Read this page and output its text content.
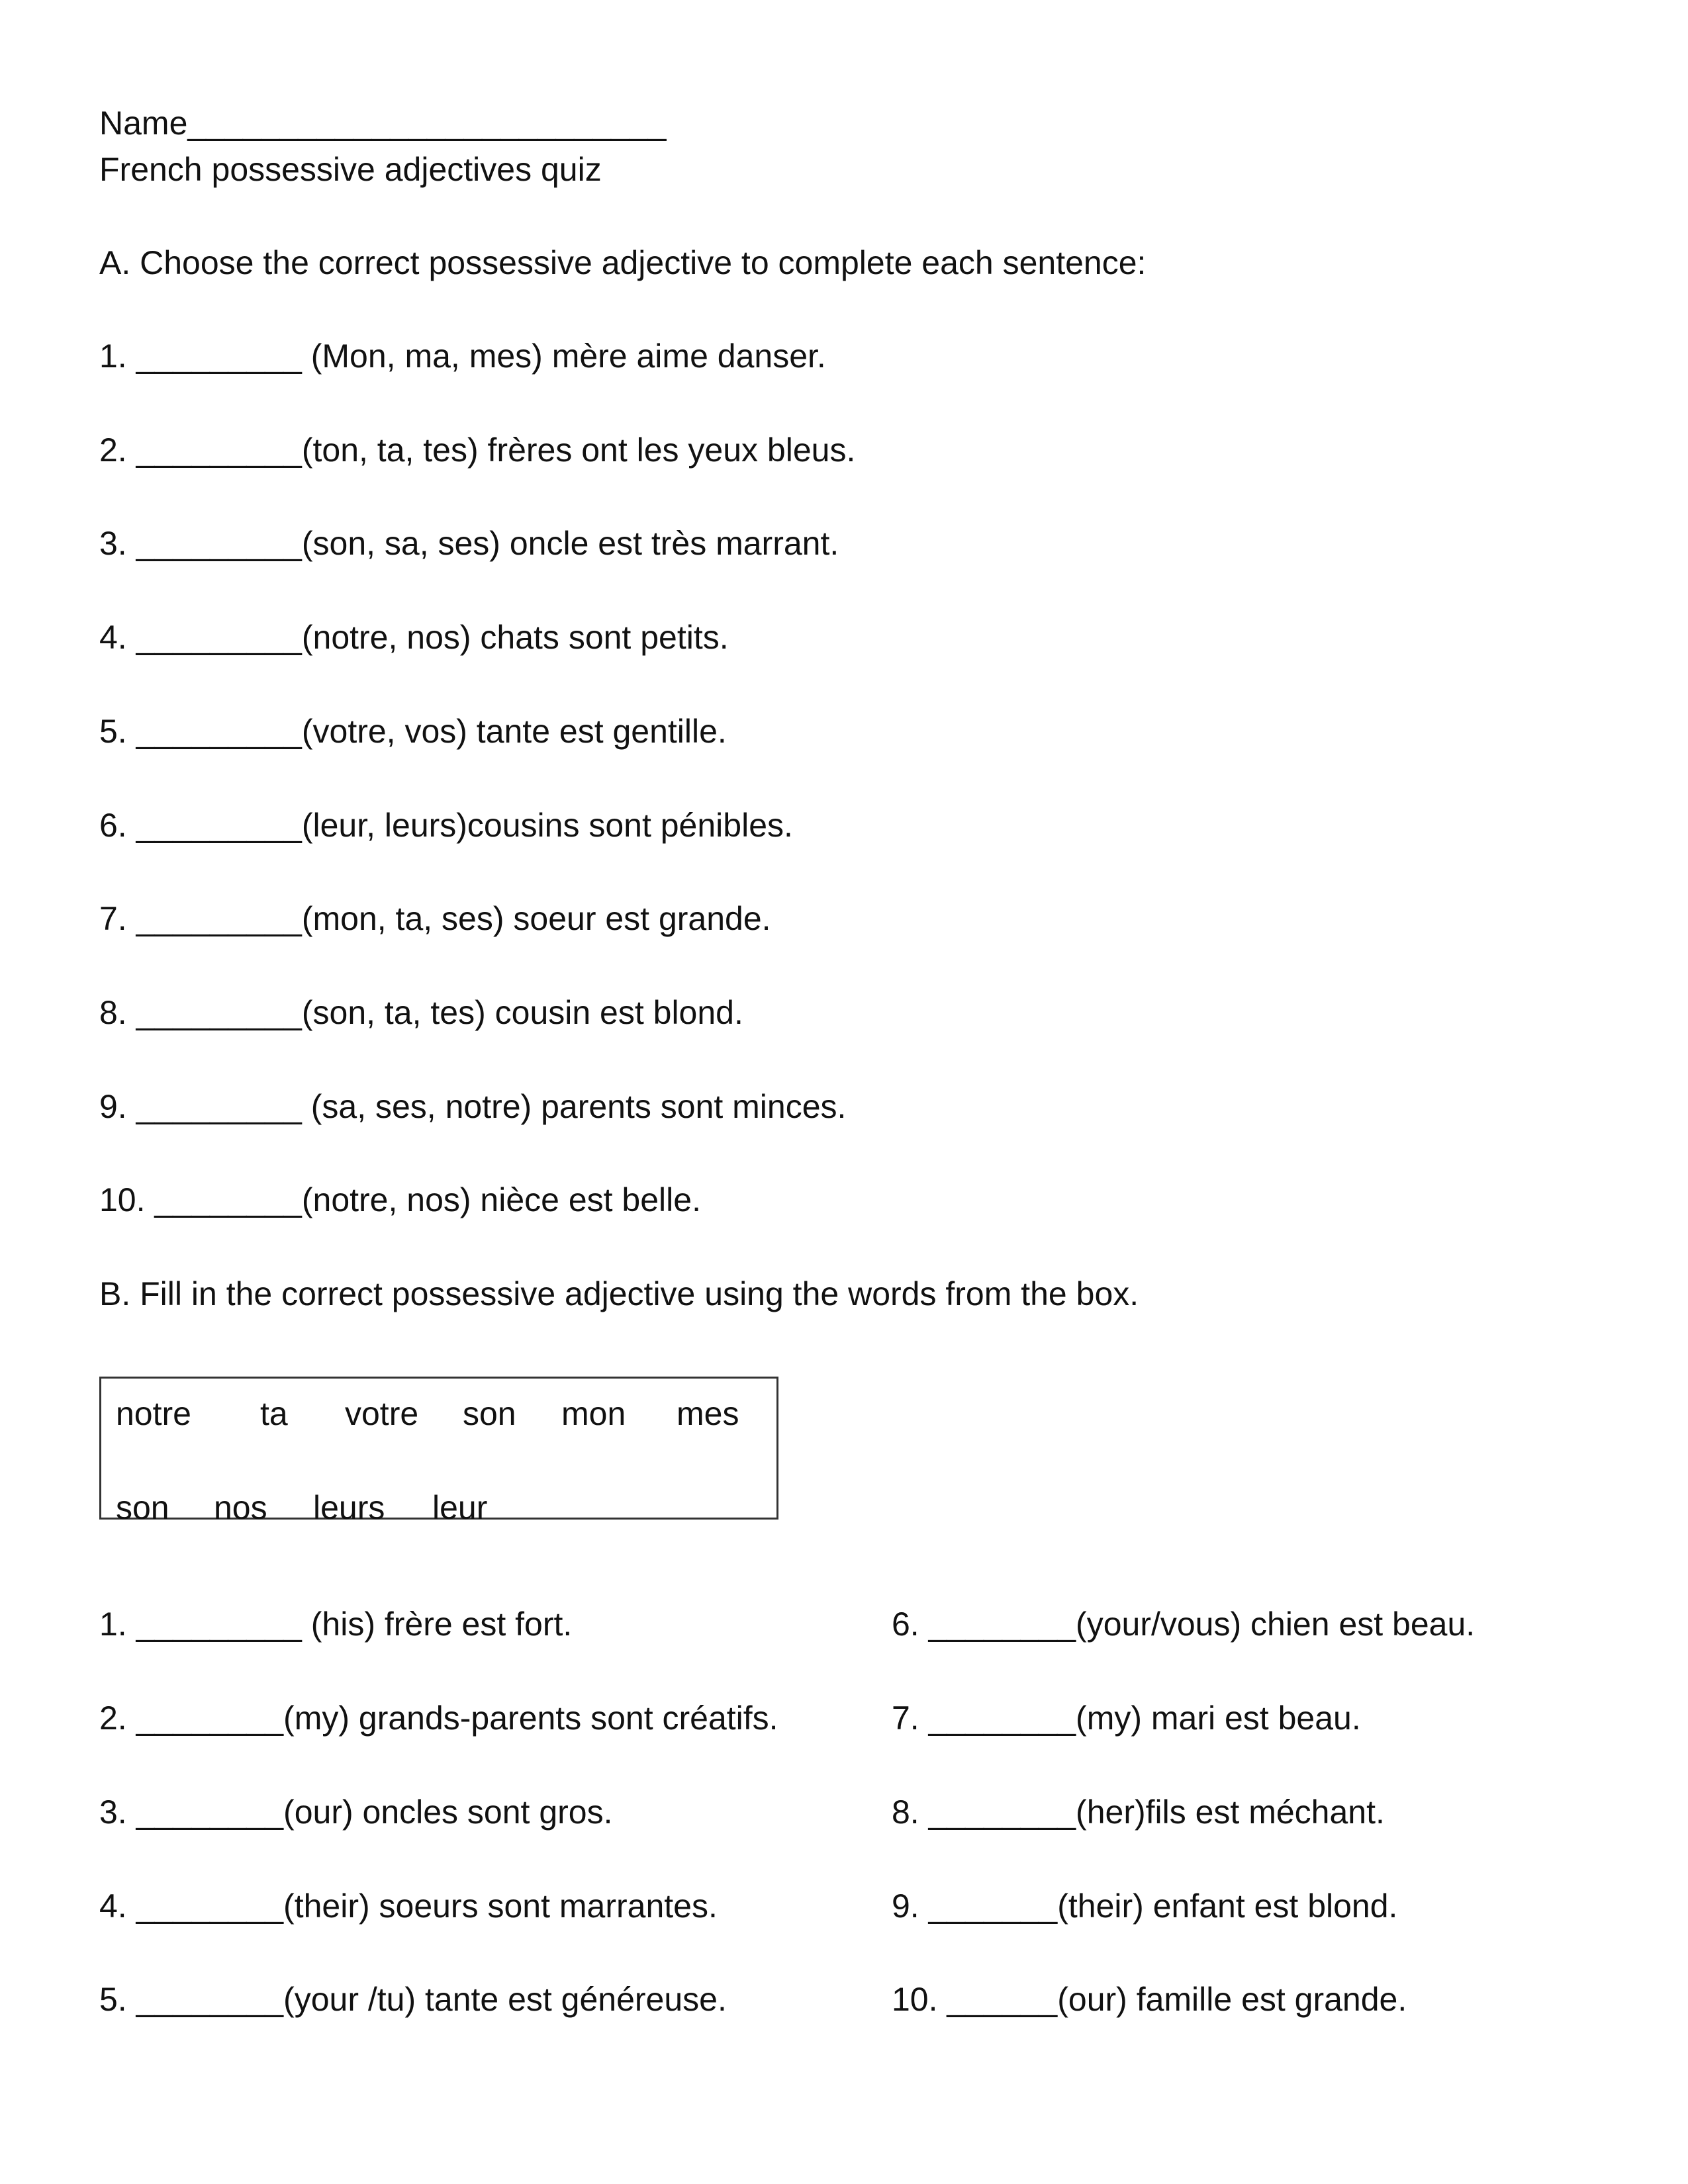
Name__________________________
French possessive adjectives quiz
A. Choose the correct possessive adjective to complete each sentence:
1. _________ (Mon, ma, mes) mère aime danser.
2. _________(ton, ta, tes) frères ont les yeux bleus.
3. _________(son, sa, ses) oncle est très marrant.
4. _________(notre, nos) chats sont petits.
5. _________(votre, vos) tante est gentille.
6. _________(leur, leurs)cousins sont pénibles.
7. _________(mon, ta, ses) soeur est grande.
8. _________(son, ta, tes) cousin est blond.
9. _________ (sa, ses, notre) parents sont minces.
10. ________(notre, nos) nièce est belle.
B. Fill in the correct possessive adjective using the words from the box.
notre ta votre son mon mes
son nos leurs leur
1. _________ (his) frère est fort.
2. ________(my) grands-parents sont créatifs.
3. ________(our) oncles sont gros.
4. ________(their) soeurs sont marrantes.
5. ________(your /tu) tante est généreuse.
6. ________(your/vous) chien est beau.
7. ________(my) mari est beau.
8. ________(her)fils est méchant.
9. _______(their) enfant est blond.
10. ______(our) famille est grande.
